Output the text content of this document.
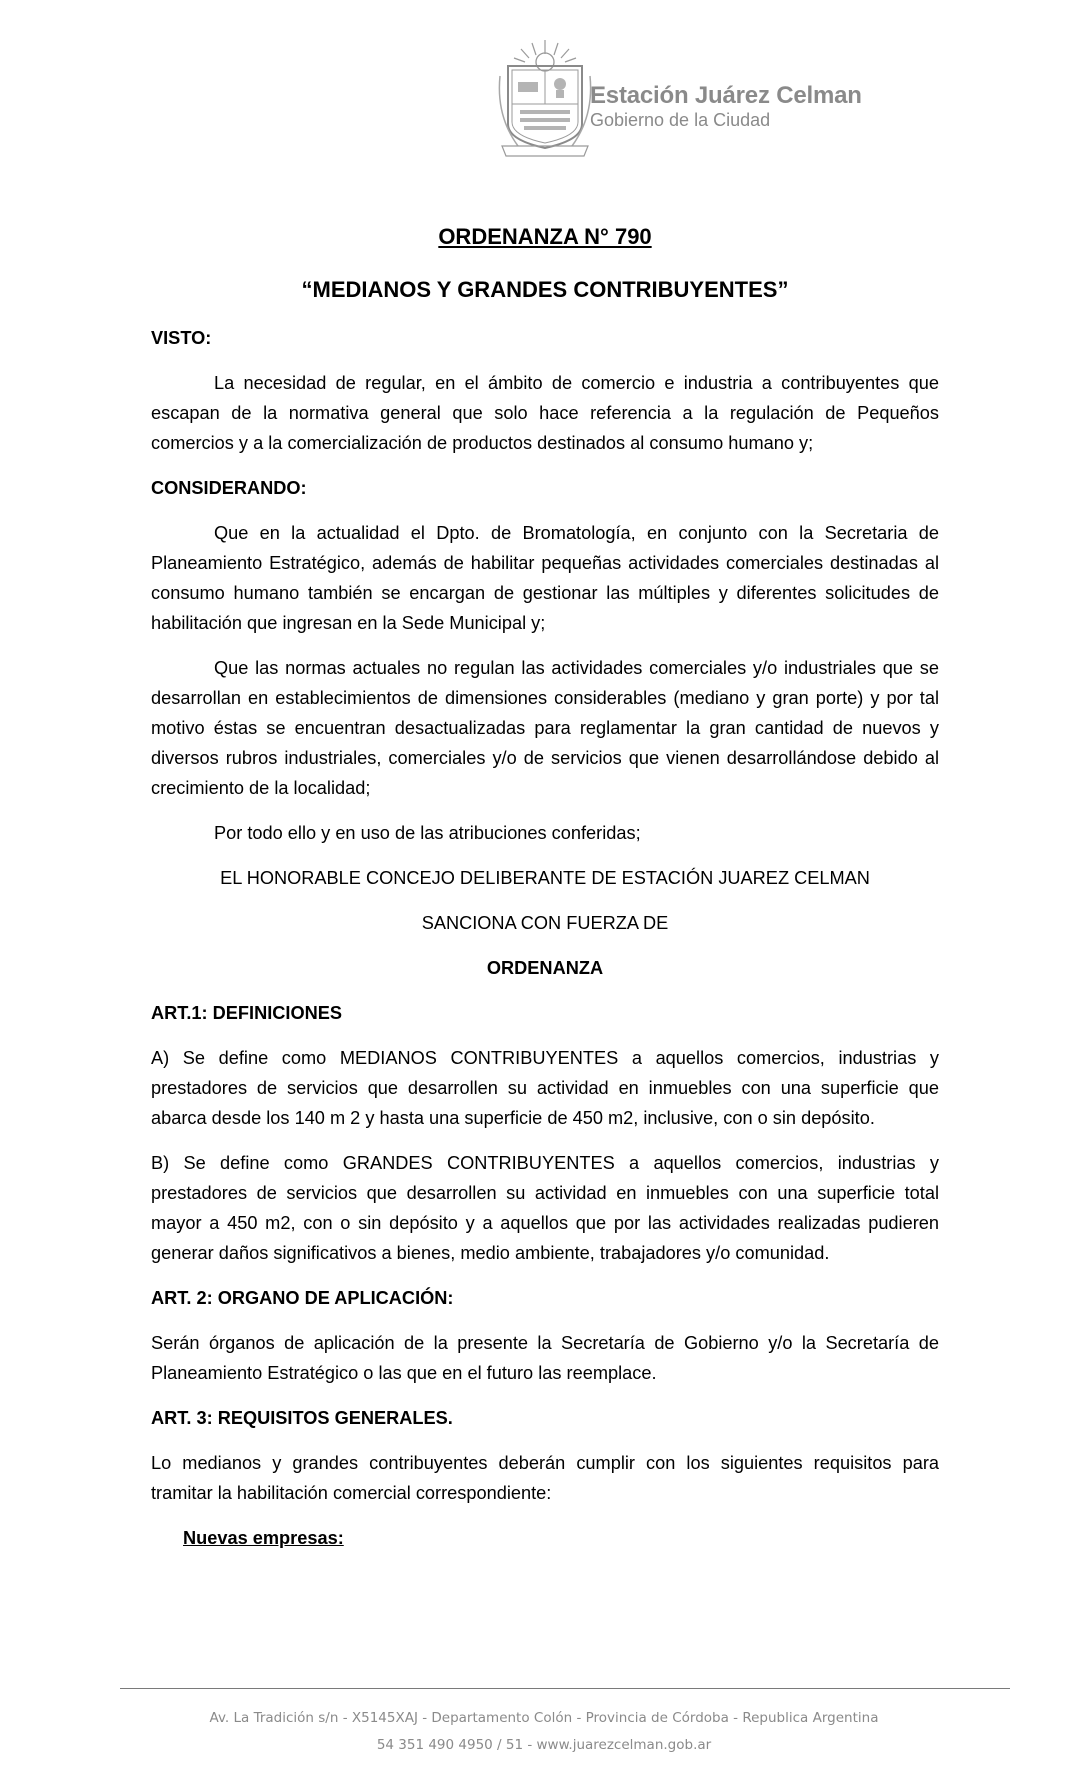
Estación Juárez Celman
Gobierno de la Ciudad

ORDENANZA N° 790

“MEDIANOS Y GRANDES CONTRIBUYENTES”

VISTO:

La necesidad de regular, en el ámbito de comercio e industria a contribuyentes que escapan de la normativa general que solo hace referencia a la regulación de Pequeños comercios y a la comercialización de productos destinados al consumo humano y;

CONSIDERANDO:

Que en la actualidad el Dpto. de Bromatología, en conjunto con la Secretaria de Planeamiento Estratégico, además de habilitar pequeñas actividades comerciales destinadas al consumo humano también se encargan de gestionar las múltiples y diferentes solicitudes de habilitación que ingresan en la Sede Municipal y;

Que las normas actuales no regulan las actividades comerciales y/o industriales que se desarrollan en establecimientos de dimensiones considerables (mediano y gran porte) y por tal motivo éstas se encuentran desactualizadas para reglamentar la gran cantidad de nuevos y diversos rubros industriales, comerciales y/o de servicios que vienen desarrollándose debido al crecimiento de la localidad;

Por todo ello y en uso de las atribuciones conferidas;

EL HONORABLE CONCEJO DELIBERANTE DE ESTACIÓN JUAREZ CELMAN

SANCIONA CON FUERZA DE

ORDENANZA

ART.1: DEFINICIONES

A) Se define como MEDIANOS CONTRIBUYENTES a aquellos comercios, industrias y prestadores de servicios que desarrollen su actividad en inmuebles con una superficie que abarca desde los 140 m 2 y hasta una superficie de 450 m2, inclusive, con o sin depósito.

B) Se define como GRANDES CONTRIBUYENTES a aquellos comercios, industrias y prestadores de servicios que desarrollen su actividad en inmuebles con una superficie total mayor a 450 m2, con o sin depósito y a aquellos que por las actividades realizadas pudieren generar daños significativos a bienes, medio ambiente, trabajadores y/o comunidad.

ART. 2: ORGANO DE APLICACIÓN:

Serán órganos de aplicación de la presente la Secretaría de Gobierno y/o la Secretaría de Planeamiento Estratégico o las que en el futuro las reemplace.

ART. 3: REQUISITOS GENERALES.

Lo medianos y grandes contribuyentes deberán cumplir con los siguientes requisitos para tramitar la habilitación comercial correspondiente:

Nuevas empresas:

Av. La Tradición s/n - X5145XAJ - Departamento Colón - Provincia de Córdoba - Republica Argentina
54 351 490 4950 / 51 - www.juarezcelman.gob.ar
